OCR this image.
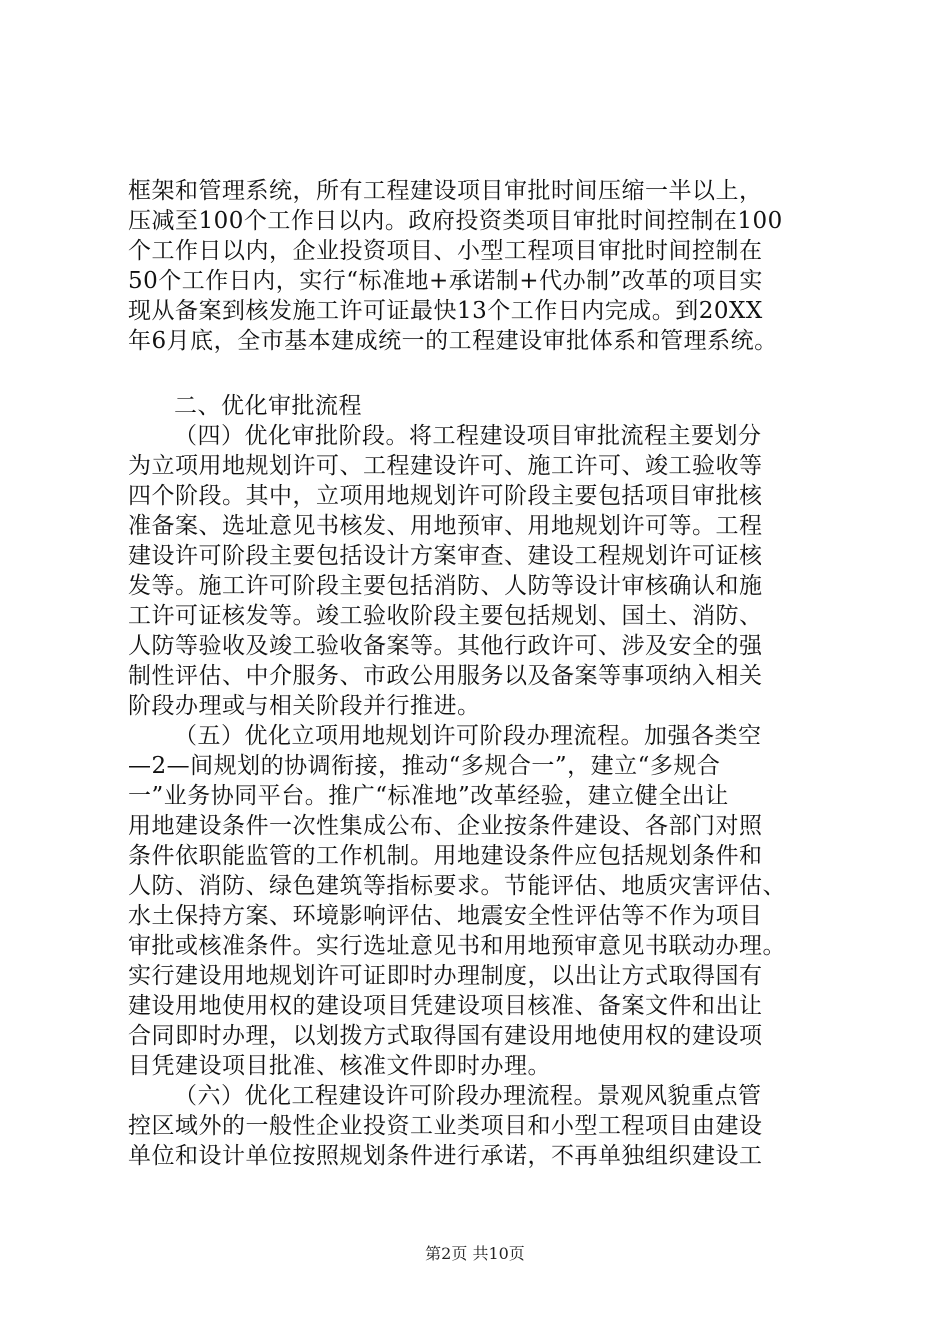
框架和管理系统，所有工程建设项目审批时间压缩一半以上，
压减至100个工作日以内。政府投资类项目审批时间控制在100
个工作日以内，企业投资项目、小型工程项目审批时间控制在
50个工作日内，实行“标准地+承诺制+代办制”改革的项目实
现从备案到核发施工许可证最快13个工作日内完成。到20XX
年6月底，全市基本建成统一的工程建设审批体系和管理系统。
二、优化审批流程
（四）优化审批阶段。将工程建设项目审批流程主要划分
为立项用地规划许可、工程建设许可、施工许可、竣工验收等
四个阶段。其中，立项用地规划许可阶段主要包括项目审批核
准备案、选址意见书核发、用地预审、用地规划许可等。工程
建设许可阶段主要包括设计方案审查、建设工程规划许可证核
发等。施工许可阶段主要包括消防、人防等设计审核确认和施
工许可证核发等。竣工验收阶段主要包括规划、国土、消防、
人防等验收及竣工验收备案等。其他行政许可、涉及安全的强
制性评估、中介服务、市政公用服务以及备案等事项纳入相关
阶段办理或与相关阶段并行推进。
（五）优化立项用地规划许可阶段办理流程。加强各类空
—2—间规划的协调衔接，推动“多规合一”，建立“多规合
一”业务协同平台。推广“标准地”改革经验，建立健全出让
用地建设条件一次性集成公布、企业按条件建设、各部门对照
条件依职能监管的工作机制。用地建设条件应包括规划条件和
人防、消防、绿色建筑等指标要求。节能评估、地质灾害评估、
水土保持方案、环境影响评估、地震安全性评估等不作为项目
审批或核准条件。实行选址意见书和用地预审意见书联动办理。
实行建设用地规划许可证即时办理制度，以出让方式取得国有
建设用地使用权的建设项目凭建设项目核准、备案文件和出让
合同即时办理，以划拨方式取得国有建设用地使用权的建设项
目凭建设项目批准、核准文件即时办理。
（六）优化工程建设许可阶段办理流程。景观风貌重点管
控区域外的一般性企业投资工业类项目和小型工程项目由建设
单位和设计单位按照规划条件进行承诺，不再单独组织建设工
第2页 共10页
